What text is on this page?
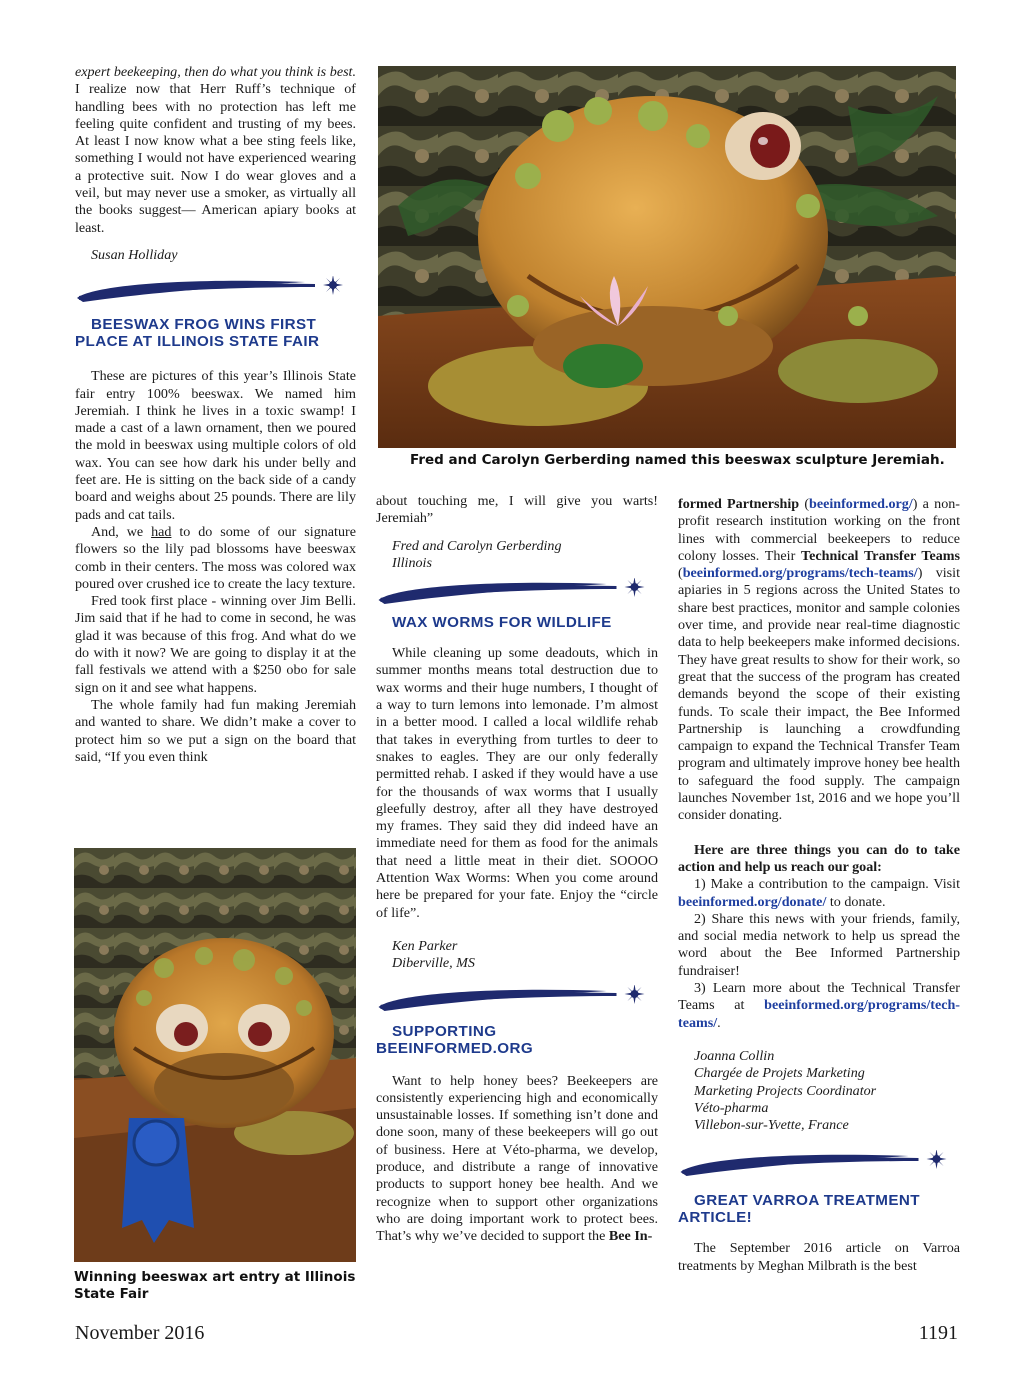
expert beekeeping, then do what you think is best. I realize now that Herr Ruff’s technique of handling bees with no protection has left me feeling quite confident and trusting of my bees. At least I now know what a bee sting feels like, something I would not have experienced wearing a protective suit. Now I do wear gloves and a veil, but may never use a smoker, as virtually all the books suggest— American apiary books at least.

Susan Holliday

BEESWAX FROG WINS FIRST
PLACE AT ILLINOIS STATE FAIR

These are pictures of this year’s Illinois State fair entry 100% beeswax. We named him Jeremiah. I think he lives in a toxic swamp! I made a cast of a lawn ornament, then we poured the mold in beeswax using multiple colors of old wax. You can see how dark his under belly and feet are. He is sitting on the back side of a candy board and weighs about 25 pounds. There are lily pads and cat tails.

And, we had to do some of our signature flowers so the lily pad blossoms have beeswax comb in their centers. The moss was colored wax poured over crushed ice to create the lacy texture.

Fred took first place - winning over Jim Belli. Jim said that if he had to come in second, he was glad it was because of this frog. And what do we do with it now? We are going to display it at the fall festivals we attend with a $250 obo for sale sign on it and see what happens.

The whole family had fun making Jeremiah and wanted to share. We didn’t make a cover to protect him so we put a sign on the board that said, “If you even think

Winning beeswax art entry at Illinois
State Fair
Fred and Carolyn Gerberding named this beeswax sculpture Jeremiah.

about touching me, I will give you warts! Jeremiah”

Fred and Carolyn Gerberding

Illinois

WAX WORMS FOR WILDLIFE

While cleaning up some deadouts, which in summer months means total destruction due to wax worms and their huge numbers, I thought of a way to turn lemons into lemonade. I’m almost in a better mood. I called a local wildlife rehab that takes in everything from turtles to deer to snakes to eagles. They are our only federally permitted rehab. I asked if they would have a use for the thousands of wax worms that I usually gleefully destroy, after all they have destroyed my frames. They said they did indeed have an immediate need for them as food for the animals that need a little meat in their diet. SOOOO Attention Wax Worms: When you come around here be prepared for your fate. Enjoy the “circle of life”.

Ken Parker

Diberville, MS

SUPPORTING
BEEINFORMED.ORG

Want to help honey bees? Beekeepers are consistently experiencing high and economically unsustainable losses. If something isn’t done and done soon, many of these beekeepers will go out of business. Here at Véto-pharma, we develop, produce, and distribute a range of innovative products to support honey bee health. And we recognize when to support other organizations who are doing important work to protect bees. That’s why we’ve decided to support the Bee In-

formed Partnership (beeinformed.org/) a non-profit research institution working on the front lines with commercial beekeepers to reduce colony losses. Their Technical Transfer Teams (beeinformed.org/programs/tech-teams/) visit apiaries in 5 regions across the United States to share best practices, monitor and sample colonies over time, and provide near real-time diagnostic data to help beekeepers make informed decisions. They have great results to show for their work, so great that the success of the program has created demands beyond the scope of their existing funds. To scale their impact, the Bee Informed Partnership is launching a crowdfunding campaign to expand the Technical Transfer Team program and ultimately improve honey bee health to safeguard the food supply. The campaign launches November 1st, 2016 and we hope you’ll consider donating.

Here are three things you can do to take action and help us reach our goal:

1) Make a contribution to the campaign. Visit beeinformed.org/donate/ to donate.

2) Share this news with your friends, family, and social media network to help us spread the word about the Bee Informed Partnership fundraiser!

3) Learn more about the Technical Transfer Teams at beeinformed.org/programs/tech-teams/.

Joanna Collin

Chargée de Projets Marketing

Marketing Projects Coordinator

Véto-pharma

Villebon-sur-Yvette, France

GREAT VARROA TREATMENT
ARTICLE!

The September 2016 article on Varroa treatments by Meghan Milbrath is the best

November 2016	1191
